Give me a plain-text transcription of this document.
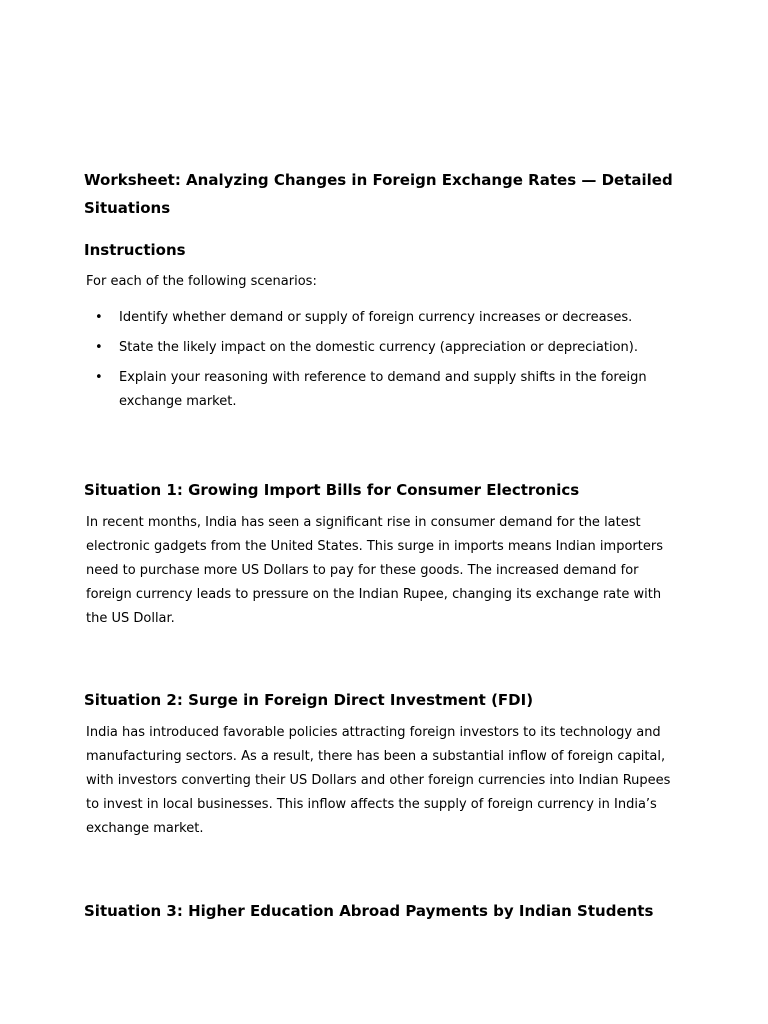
Worksheet: Analyzing Changes in Foreign Exchange Rates — Detailed Situations
Instructions

For each of the following scenarios:

• Identify whether demand or supply of foreign currency increases or decreases.
• State the likely impact on the domestic currency (appreciation or depreciation).
• Explain your reasoning with reference to demand and supply shifts in the foreign exchange market.
Situation 1: Growing Import Bills for Consumer Electronics

In recent months, India has seen a significant rise in consumer demand for the latest electronic gadgets from the United States. This surge in imports means Indian importers need to purchase more US Dollars to pay for these goods. The increased demand for foreign currency leads to pressure on the Indian Rupee, changing its exchange rate with the US Dollar.

Situation 2: Surge in Foreign Direct Investment (FDI)

India has introduced favorable policies attracting foreign investors to its technology and manufacturing sectors. As a result, there has been a substantial inflow of foreign capital, with investors converting their US Dollars and other foreign currencies into Indian Rupees to invest in local businesses. This inflow affects the supply of foreign currency in India’s exchange market.

Situation 3: Higher Education Abroad Payments by Indian Students
